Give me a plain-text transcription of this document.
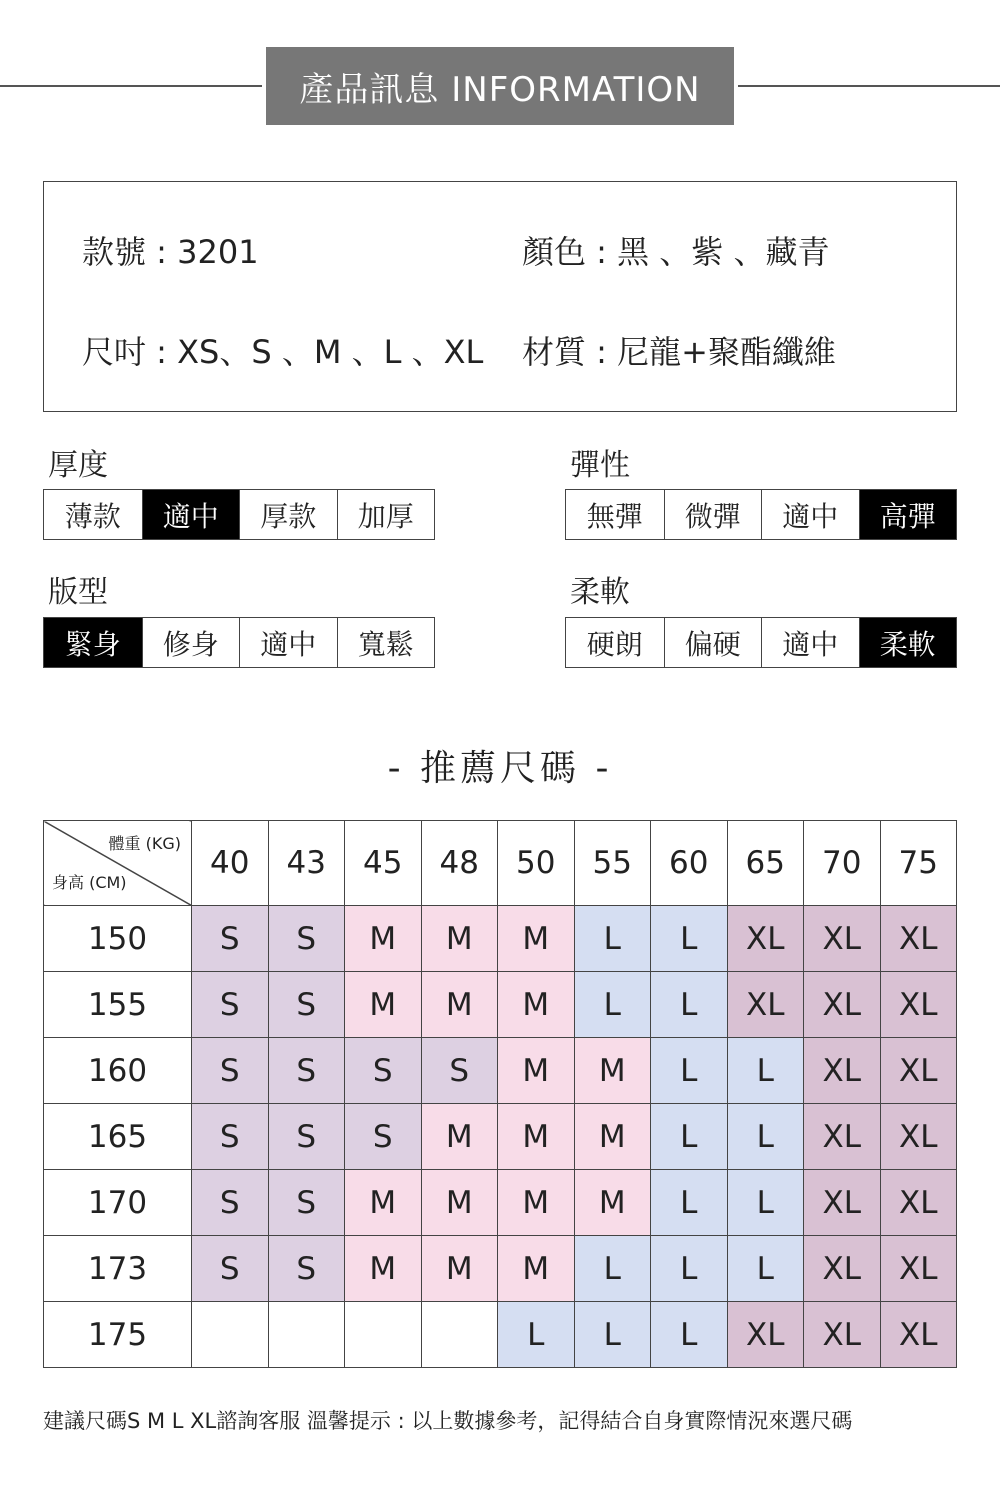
產品訊息 INFORMATION
款號 : 3201	顏色 : 黑 、紫 、藏青
尺吋 : XS、S 、M 、L 、XL 材質 : 尼龍+聚酯纖維
厚度
薄款	適中	厚款	加厚
彈性
無彈	微彈	適中	高彈
版型
緊身	修身	適中	寬鬆
柔軟
硬朗	偏硬	適中	柔軟
- 推薦尺碼 -
體重 (KG)
身高 (CM)	40	43	45	48	50	55	60	65	70	75
150	S	S	M	M	M	L	L	XL	XL	XL
155	S	S	M	M	M	L	L	XL	XL	XL
160	S	S	S	S	M	M	L	L	XL	XL
165	S	S	S	M	M	M	L	L	XL	XL
170	S	S	M	M	M	M	L	L	XL	XL
173	S	S	M	M	M	L	L	L	XL	XL
175					L	L	L	XL	XL	XL
建議尺碼S M L XL諮詢客服 溫馨提示 : 以上數據參考，記得結合自身實際情況來選尺碼
